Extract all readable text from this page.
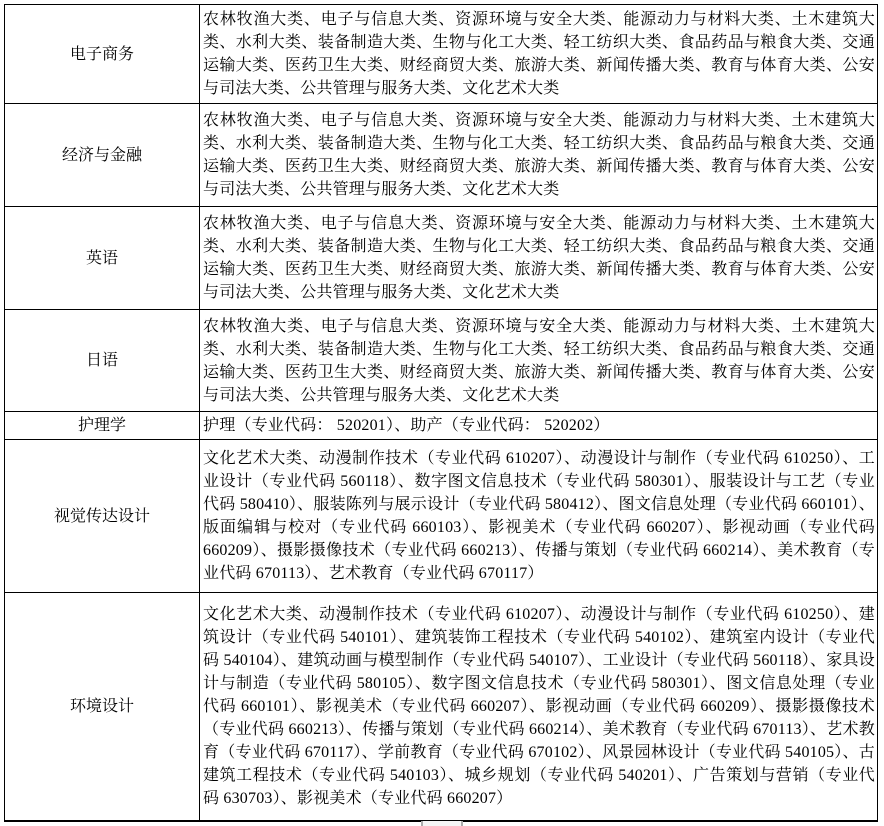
电子商务	农林牧渔大类、电子与信息大类、资源环境与安全大类、能源动力与材料大类、土木建筑大类、水利大类、装备制造大类、生物与化工大类、轻工纺织大类、食品药品与粮食大类、交通运输大类、医药卫生大类、财经商贸大类、旅游大类、新闻传播大类、教育与体育大类、公安与司法大类、公共管理与服务大类、文化艺术大类
经济与金融	农林牧渔大类、电子与信息大类、资源环境与安全大类、能源动力与材料大类、土木建筑大类、水利大类、装备制造大类、生物与化工大类、轻工纺织大类、食品药品与粮食大类、交通运输大类、医药卫生大类、财经商贸大类、旅游大类、新闻传播大类、教育与体育大类、公安与司法大类、公共管理与服务大类、文化艺术大类
英语	农林牧渔大类、电子与信息大类、资源环境与安全大类、能源动力与材料大类、土木建筑大类、水利大类、装备制造大类、生物与化工大类、轻工纺织大类、食品药品与粮食大类、交通运输大类、医药卫生大类、财经商贸大类、旅游大类、新闻传播大类、教育与体育大类、公安与司法大类、公共管理与服务大类、文化艺术大类
日语	农林牧渔大类、电子与信息大类、资源环境与安全大类、能源动力与材料大类、土木建筑大类、水利大类、装备制造大类、生物与化工大类、轻工纺织大类、食品药品与粮食大类、交通运输大类、医药卫生大类、财经商贸大类、旅游大类、新闻传播大类、教育与体育大类、公安与司法大类、公共管理与服务大类、文化艺术大类
护理学	护理（专业代码： 520201）、助产（专业代码： 520202）
视觉传达设计	文化艺术大类、动漫制作技术（专业代码 610207）、动漫设计与制作（专业代码 610250）、工业设计（专业代码 560118）、数字图文信息技术（专业代码 580301）、服装设计与工艺（专业代码 580410）、服装陈列与展示设计（专业代码 580412）、图文信息处理（专业代码 660101）、版面编辑与校对（专业代码 660103）、影视美术（专业代码 660207）、影视动画（专业代码 660209）、摄影摄像技术（专业代码 660213）、传播与策划（专业代码 660214）、美术教育（专业代码 670113）、艺术教育（专业代码 670117）
环境设计	文化艺术大类、动漫制作技术（专业代码 610207）、动漫设计与制作（专业代码 610250）、建筑设计（专业代码 540101）、建筑装饰工程技术（专业代码 540102）、建筑室内设计（专业代码 540104）、建筑动画与模型制作（专业代码 540107）、工业设计（专业代码 560118）、家具设计与制造（专业代码 580105）、数字图文信息技术（专业代码 580301）、图文信息处理（专业代码 660101）、影视美术（专业代码 660207）、影视动画（专业代码 660209）、摄影摄像技术（专业代码 660213）、传播与策划（专业代码 660214）、美术教育（专业代码 670113）、艺术教育（专业代码 670117）、学前教育（专业代码 670102）、风景园林设计（专业代码 540105）、古建筑工程技术（专业代码 540103）、城乡规划（专业代码 540201）、广告策划与营销（专业代码 630703）、影视美术（专业代码 660207）
